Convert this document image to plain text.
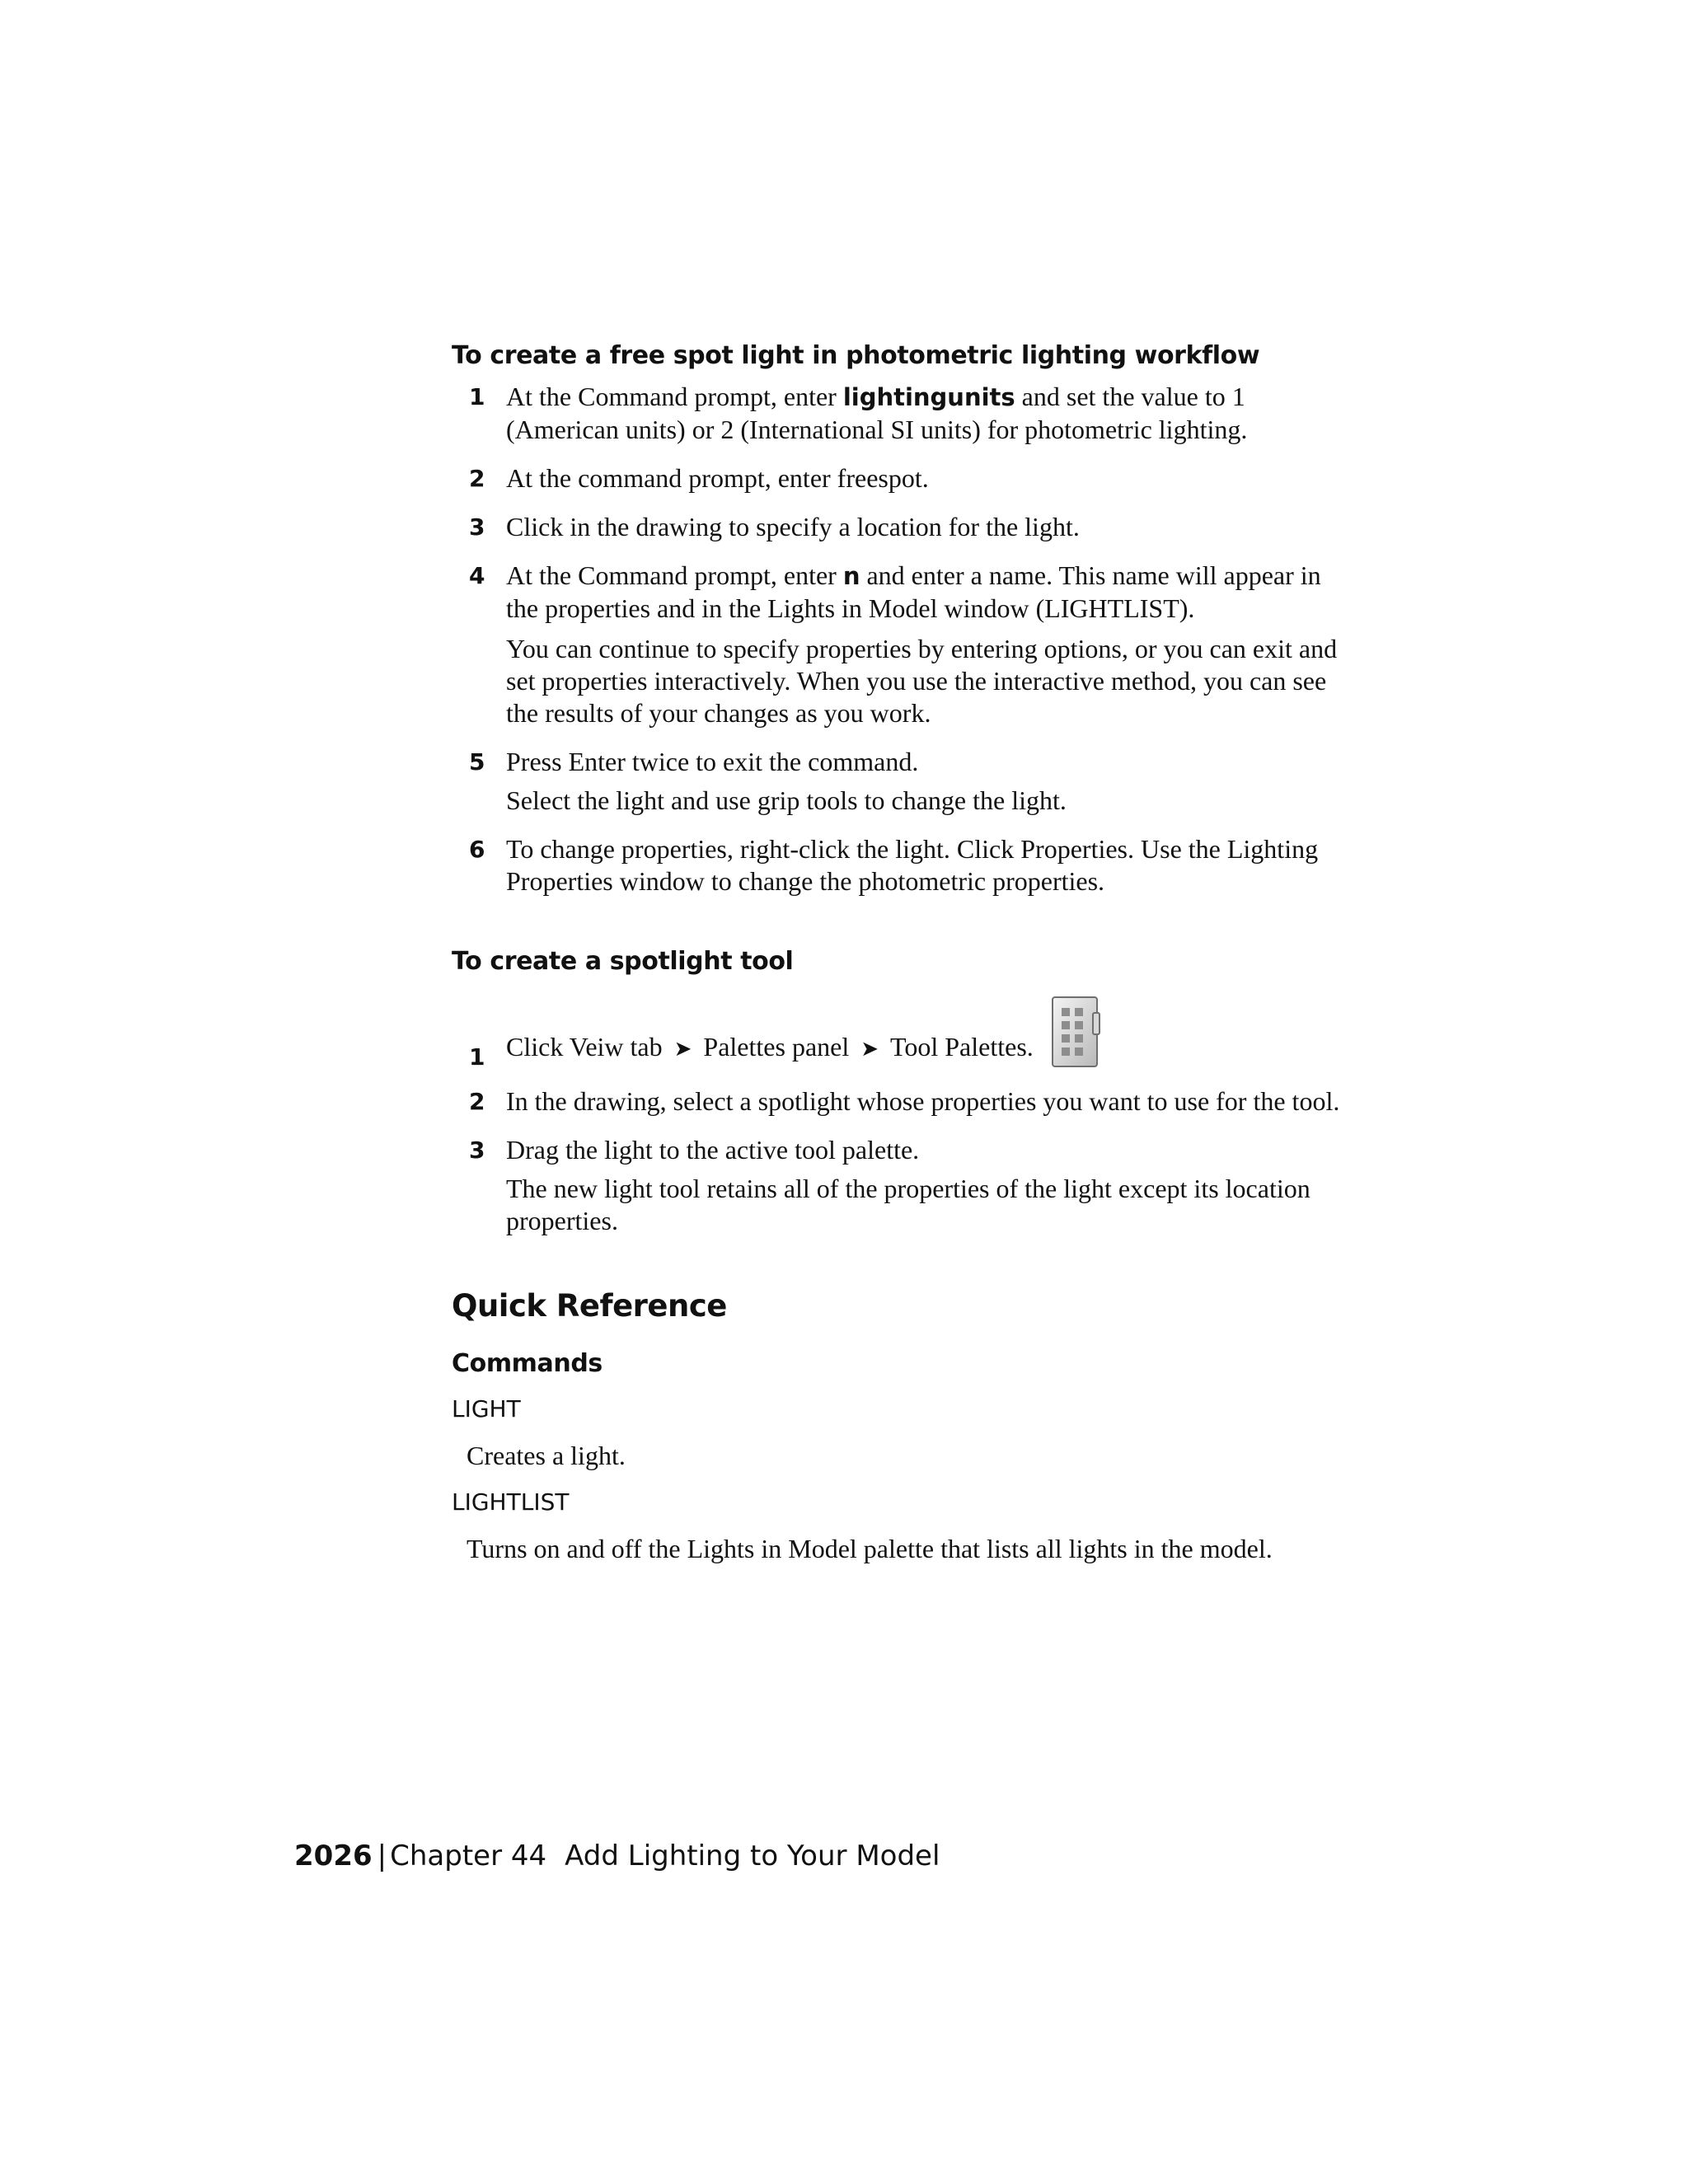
To create a free spot light in photometric lighting workflow
1 At the Command prompt, enter lightingunits and set the value to 1 (American units) or 2 (International SI units) for photometric lighting.

2 At the command prompt, enter freespot.

3 Click in the drawing to specify a location for the light.

4 At the Command prompt, enter n and enter a name. This name will appear in the properties and in the Lights in Model window (LIGHTLIST).

You can continue to specify properties by entering options, or you can exit and set properties interactively. When you use the interactive method, you can see the results of your changes as you work.

5 Press Enter twice to exit the command.

Select the light and use grip tools to change the light.

6 To change properties, right-click the light. Click Properties. Use the Lighting Properties window to change the photometric properties.

To create a spotlight tool
1 Click Veiw tab ➤ Palettes panel ➤ Tool Palettes.

2 In the drawing, select a spotlight whose properties you want to use for the tool.

3 Drag the light to the active tool palette.

The new light tool retains all of the properties of the light except its location properties.

Quick Reference
Commands
LIGHT
Creates a light.
LIGHTLIST
Turns on and off the Lights in Model palette that lists all lights in the model.
2026 | Chapter 44 Add Lighting to Your Model
